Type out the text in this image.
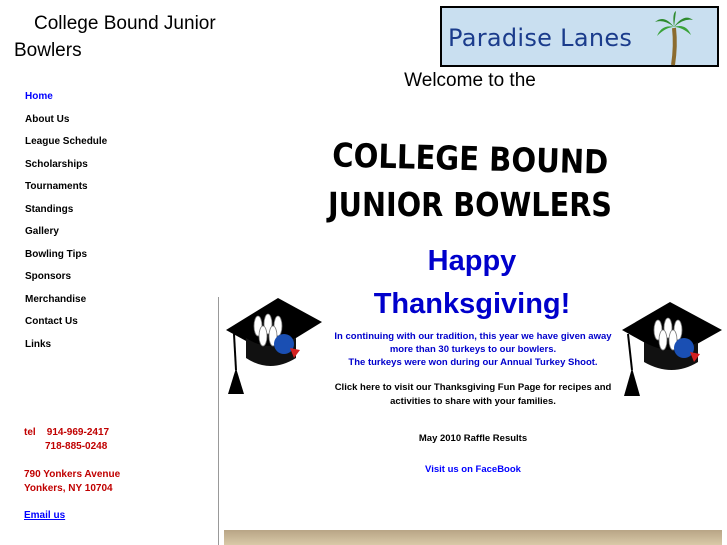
College Bound Junior Bowlers	Paradise Lanes
Home
About Us
League Schedule
Scholarships
Tournaments
Standings
Gallery
Bowling Tips
Sponsors
Merchandise
Contact Us
Links
tel 914-969-2417
718-885-0248
790 Yonkers Avenue
Yonkers, NY 10704
Email us
Welcome to the
COLLEGE BOUND
JUNIOR BOWLERS
Happy
Thanksgiving!
In continuing with our tradition, this year we have given away more than 30 turkeys to our bowlers.
The turkeys were won during our Annual Turkey Shoot.
Click here to visit our Thanksgiving Fun Page for recipes and activities to share with your families.
May 2010 Raffle Results
Visit us on FaceBook
